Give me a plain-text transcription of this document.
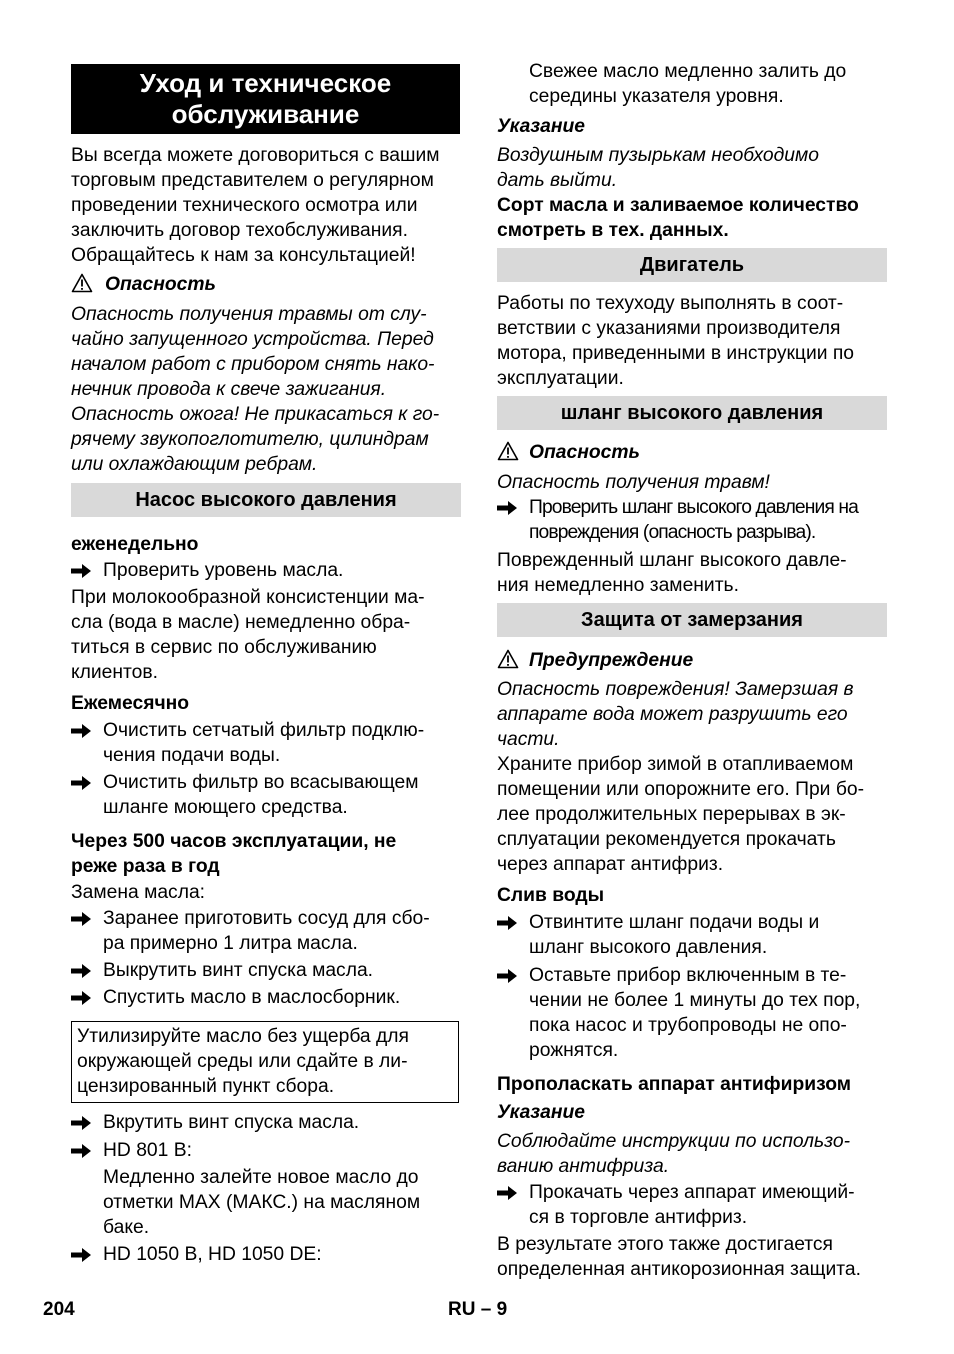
Уход и техническое
обслуживание
Вы всегда можете договориться с вашим
торговым представителем о регулярном
проведении технического осмотра или
заключить договор техобслуживания.
Обращайтесь к нам за консультацией!
Опасность
Опасность получения травмы от слу-
чайно запущенного устройства. Перед
началом работ с прибором снять нако-
нечник провода к свече зажигания.
Опасность ожога! Не прикасаться к го-
рячему звукопоглотителю, цилиндрам
или охлаждающим ребрам.
Насос высокого давления
еженедельно
Проверить уровень масла.
При молокообразной консистенции ма-
сла (вода в масле) немедленно обра-
титься в сервис по обслуживанию
клиентов.
Ежемесячно
Очистить сетчатый фильтр подклю-
чения подачи воды.
Очистить фильтр во всасывающем
шланге моющего средства.
Через 500 часов эксплуатации, не
реже раза в год
Замена масла:
Заранее приготовить сосуд для сбо-
ра примерно 1 литра масла.
Выкрутить винт спуска масла.
Спустить масло в маслосборник.
Утилизируйте масло без ущерба для
окружающей среды или сдайте в ли-
цензированный пункт сбора.
Вкрутить винт спуска масла.
HD 801 B:
Медленно залейте новое масло до
отметки MAX (МАКС.) на масляном
баке.
HD 1050 B, HD 1050 DE:
Свежее масло медленно залить до
середины указателя уровня.
Указание
Воздушным пузырькам необходимо
дать выйти.
Сорт масла и заливаемое количество
смотреть в тех. данных.
Двигатель
Работы по техуходу выполнять в соот-
ветствии с указаниями производителя
мотора, приведенными в инструкции по
эксплуатации.
шланг высокого давления
Опасность
Опасность получения травм!
Проверить шланг высокого давления на
повреждения (опасность разрыва).
Поврежденный шланг высокого давле-
ния немедленно заменить.
Защита от замерзания
Предупреждение
Опасность повреждения! Замерзшая в
аппарате вода может разрушить его
части.
Храните прибор зимой в отапливаемом
помещении или опорожните его. При бо-
лее продолжительных перерывах в эк-
сплуатации рекомендуется прокачать
через аппарат антифриз.
Слив воды
Отвинтите шланг подачи воды и
шланг высокого давления.
Оставьте прибор включенным в те-
чении не более 1 минуты до тех пор,
пока насос и трубопроводы не опо-
рожнятся.
Прополаскать аппарат антифиризом
Указание
Соблюдайте инструкции по использо-
ванию антифриза.
Прокачать через аппарат имеющий-
ся в торговле антифриз.
В результате этого также достигается
определенная антикорозионная защита.
204	RU – 9
